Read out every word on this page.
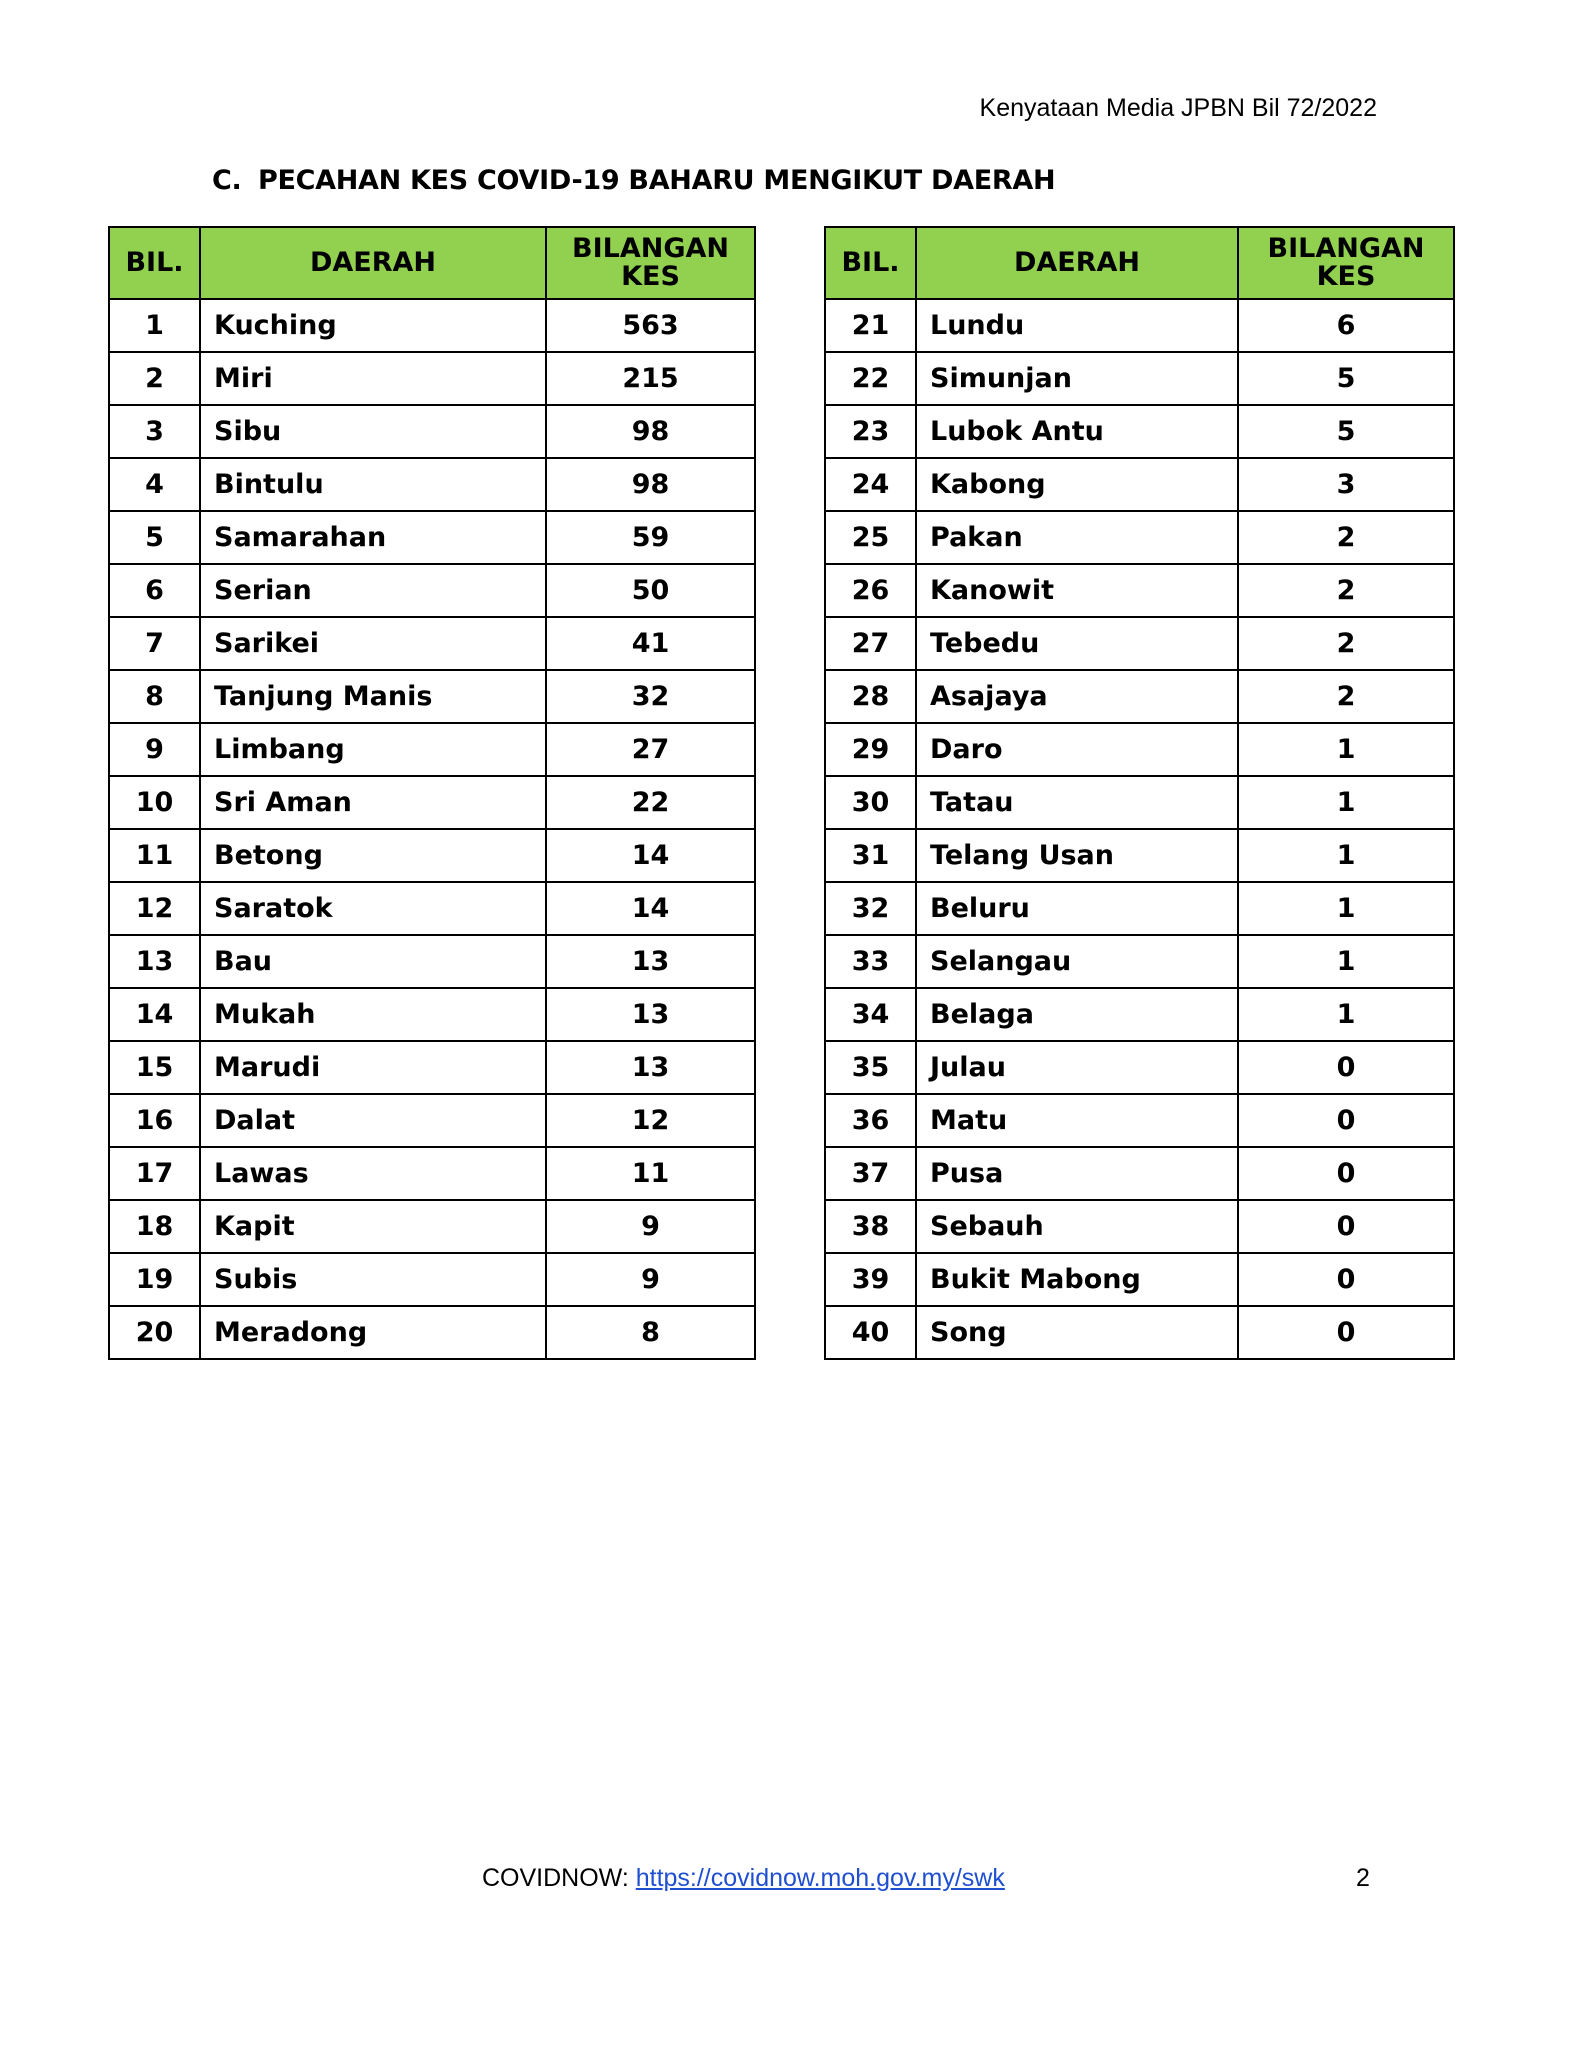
Kenyataan Media JPBN Bil 72/2022
C. PECAHAN KES COVID-19 BAHARU MENGIKUT DAERAH
BIL.	DAERAH	BILANGAN
KES
1	Kuching	563
2	Miri	215
3	Sibu	98
4	Bintulu	98
5	Samarahan	59
6	Serian	50
7	Sarikei	41
8	Tanjung Manis	32
9	Limbang	27
10	Sri Aman	22
11	Betong	14
12	Saratok	14
13	Bau	13
14	Mukah	13
15	Marudi	13
16	Dalat	12
17	Lawas	11
18	Kapit	9
19	Subis	9
20	Meradong	8
BIL.	DAERAH	BILANGAN
KES
21	Lundu	6
22	Simunjan	5
23	Lubok Antu	5
24	Kabong	3
25	Pakan	2
26	Kanowit	2
27	Tebedu	2
28	Asajaya	2
29	Daro	1
30	Tatau	1
31	Telang Usan	1
32	Beluru	1
33	Selangau	1
34	Belaga	1
35	Julau	0
36	Matu	0
37	Pusa	0
38	Sebauh	0
39	Bukit Mabong	0
40	Song	0
COVIDNOW: https://covidnow.moh.gov.my/swk	2
